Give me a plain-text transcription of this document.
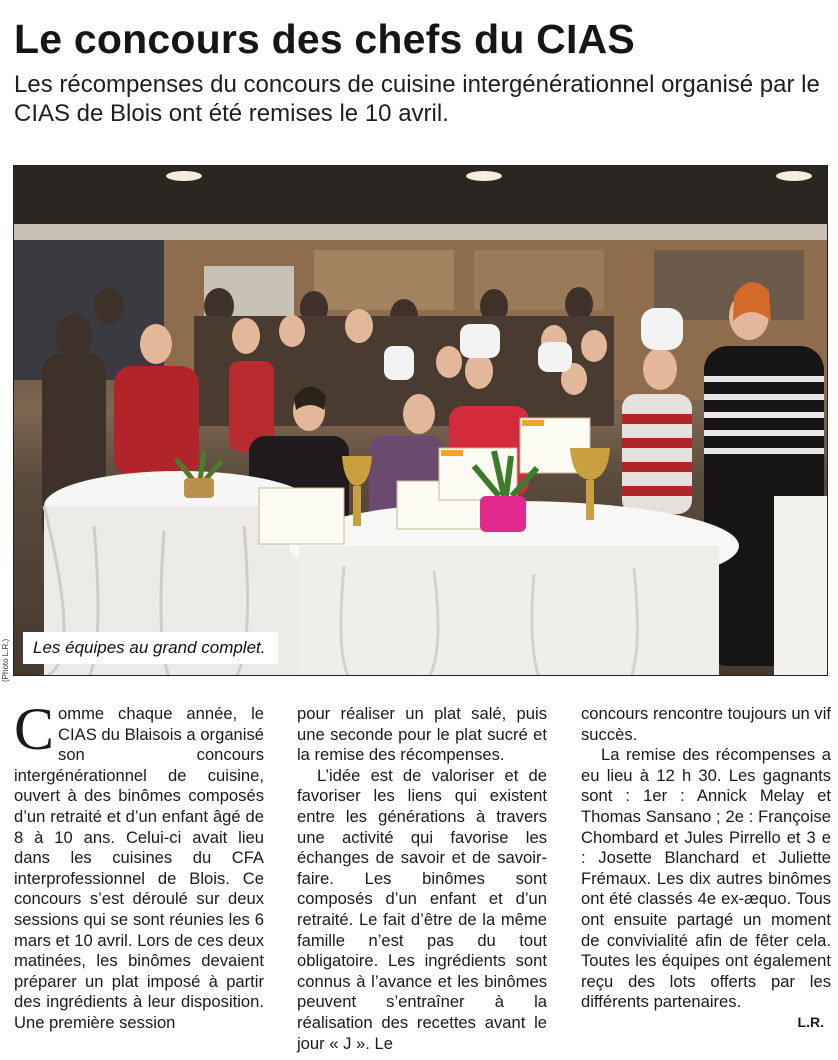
Le concours des chefs du CIAS

Les récompenses du concours de cuisine intergénérationnel organisé par le CIAS de Blois ont été remises le 10 avril.

(Photo L.R.)	Les équipes au grand complet.

Comme chaque année, le CIAS du Blaisois a organisé son concours intergénérationnel de cuisine, ouvert à des binômes composés d’un retraité et d’un enfant âgé de 8 à 10 ans. Celui-ci avait lieu dans les cuisines du CFA interprofessionnel de Blois. Ce concours s’est déroulé sur deux sessions qui se sont réunies les 6 mars et 10 avril. Lors de ces deux matinées, les binômes devaient préparer un plat imposé à partir des ingrédients à leur disposition. Une première session

pour réaliser un plat salé, puis une seconde pour le plat sucré et la remise des récompenses.

L’idée est de valoriser et de favoriser les liens qui existent entre les générations à travers une activité qui favorise les échanges de savoir et de savoir-faire. Les binômes sont composés d’un enfant et d’un retraité. Le fait d’être de la même famille n’est pas du tout obligatoire. Les ingrédients sont connus à l’avance et les binômes peuvent s’entraîner à la réalisation des recettes avant le jour « J ». Le

concours rencontre toujours un vif succès.

La remise des récompenses a eu lieu à 12 h 30. Les gagnants sont : 1er : Annick Melay et Thomas Sansano ; 2e : Françoise Chombard et Jules Pirrello et 3 e : Josette Blanchard et Juliette Frémaux. Les dix autres binômes ont été classés 4e ex-æquo. Tous ont ensuite partagé un moment de convivialité afin de fêter cela. Toutes les équipes ont également reçu des lots offerts par les différents partenaires.

L.R.
